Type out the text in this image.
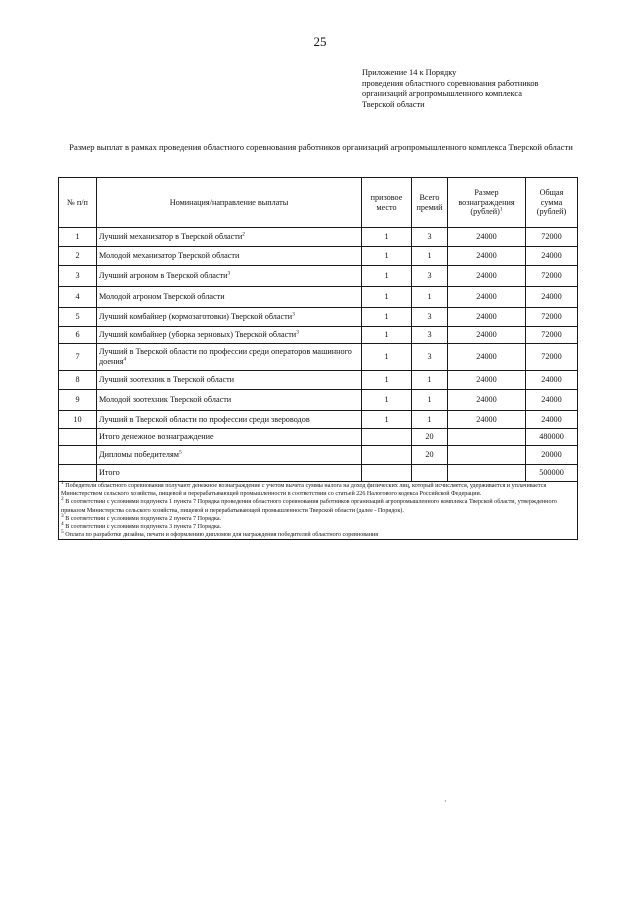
25
Приложение 14 к Порядку
проведения областного соревнования работников
организаций агропромышленного комплекса
Тверской области
Размер выплат в рамках проведения областного соревнования работников организаций агропромышленного комплекса Тверской области
№ п/п	Номинация/направление выплаты	призовое место	Всего премий	Размер вознаграждения (рублей)$^1$	Общая сумма (рублей)
1	Лучший механизатор в Тверской области$^2$	1	3	24000	72000
2	Молодой механизатор Тверской области	1	1	24000	24000
3	Лучший агроном в Тверской области$^3$	1	3	24000	72000
4	Молодой агроном Тверской области	1	1	24000	24000
5	Лучший комбайнер (кормозаготовки) Тверской области$^3$	1	3	24000	72000
6	Лучший комбайнер (уборка зерновых) Тверской области$^3$	1	3	24000	72000
7	Лучший в Тверской области по профессии среди операторов машинного доения$^4$	1	3	24000	72000
8	Лучший зоотехник в Тверской области	1	1	24000	24000
9	Молодой зоотехник Тверской области	1	1	24000	24000
10	Лучший в Тверской области по профессии среди звероводов	1	1	24000	24000
	Итого денежное вознаграждение		20		480000
	Дипломы победителям$^5$		20		20000
	Итого				500000

$^1$ Победители областного соревнования получают денежное вознаграждение с учетом вычета суммы налога на доход физических лиц, который исчисляется, удерживается и уплачивается Министерством сельского хозяйства, пищевой и перерабатывающей промышленности в соответствии со статьей 226 Налогового кодекса Российской Федерации.
$^2$ В соответствии с условиями подпункта 1 пункта 7 Порядка проведения областного соревнования работников организаций агропромышленного комплекса Тверской области, утвержденного приказом Министерства сельского хозяйства, пищевой и перерабатывающей промышленности Тверской области (далее - Порядок).
$^3$ В соответствии с условиями подпункта 2 пункта 7 Порядка.
$^4$ В соответствии с условиями подпункта 3 пункта 7 Порядка.
$^5$ Оплата по разработке дизайна, печати и оформлению дипломов для награждения победителей областного соревнования					
·
